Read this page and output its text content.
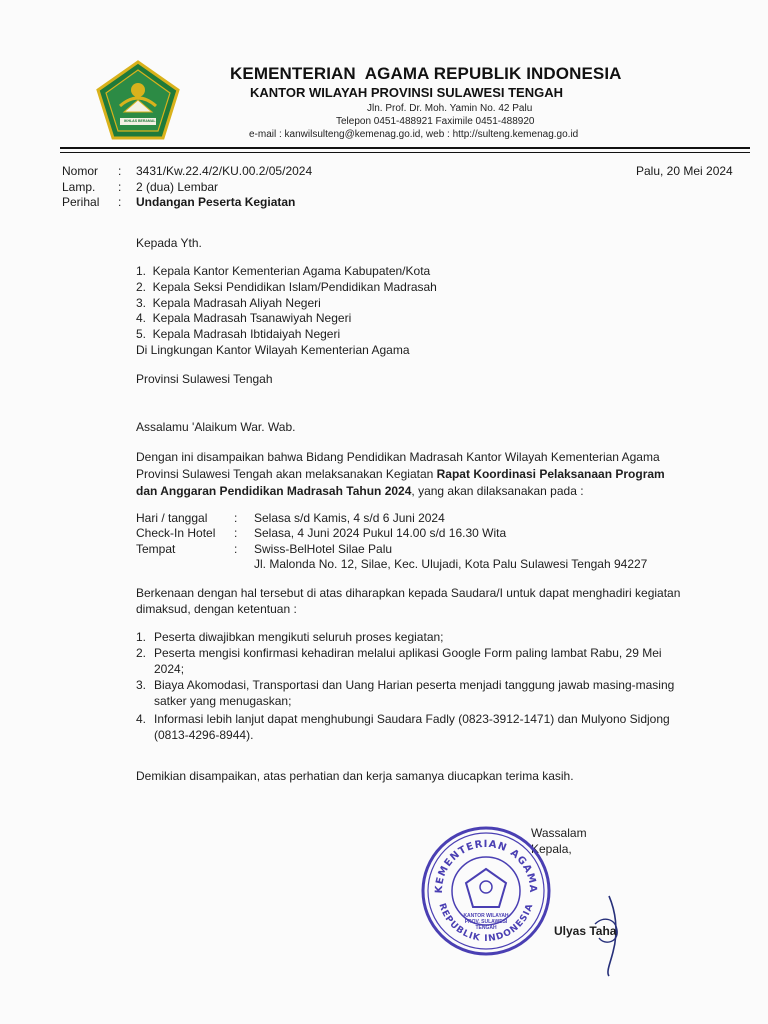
IKHLAS BERAMAL
KEMENTERIAN  AGAMA REPUBLIK INDONESIA
KANTOR WILAYAH PROVINSI SULAWESI TENGAH
Jln. Prof. Dr. Moh. Yamin No. 42 Palu
Telepon 0451-488921 Faximile 0451-488920
e-mail : kanwilsulteng@kemenag.go.id, web : http://sulteng.kemenag.go.id
Nomor : 3431/Kw.22.4/2/KU.00.2/05/2024	Palu, 20 Mei 2024
Lamp. : 2 (dua) Lembar
Perihal : Undangan Peserta Kegiatan
Kepada Yth.
1.  Kepala Kantor Kementerian Agama Kabupaten/Kota
2.  Kepala Seksi Pendidikan Islam/Pendidikan Madrasah
3.  Kepala Madrasah Aliyah Negeri
4.  Kepala Madrasah Tsanawiyah Negeri
5.  Kepala Madrasah Ibtidaiyah Negeri
Di Lingkungan Kantor Wilayah Kementerian Agama
Provinsi Sulawesi Tengah
Assalamu 'Alaikum War. Wab.
Dengan ini disampaikan bahwa Bidang Pendidikan Madrasah Kantor Wilayah Kementerian Agama
Provinsi Sulawesi Tengah akan melaksanakan Kegiatan Rapat Koordinasi Pelaksanaan Program
dan Anggaran Pendidikan Madrasah Tahun 2024, yang akan dilaksanakan pada :
Hari / tanggal : Selasa s/d Kamis, 4 s/d 6 Juni 2024
Check-In Hotel : Selasa, 4 Juni 2024 Pukul 14.00 s/d 16.30 Wita
Tempat	: Swiss-BelHotel Silae Palu
Jl. Malonda No. 12, Silae, Kec. Ulujadi, Kota Palu Sulawesi Tengah 94227
Berkenaan dengan hal tersebut di atas diharapkan kepada Saudara/I untuk dapat menghadiri kegiatan
dimaksud, dengan ketentuan :
1. Peserta diwajibkan mengikuti seluruh proses kegiatan;
2. Peserta mengisi konfirmasi kehadiran melalui aplikasi Google Form paling lambat Rabu, 29 Mei
2024;
3. Biaya Akomodasi, Transportasi dan Uang Harian peserta menjadi tanggung jawab masing-masing
satker yang menugaskan;
4. Informasi lebih lanjut dapat menghubungi Saudara Fadly (0823-3912-1471) dan Mulyono Sidjong
(0813-4296-8944).
Demikian disampaikan, atas perhatian dan kerja samanya diucapkan terima kasih.
Wassalam
Kepala,
KEMENTERIAN AGAMA
REPUBLIK INDONESIA
KANTOR WILAYAH PROV. SULAWESI TENGAH	Ulyas Taha
